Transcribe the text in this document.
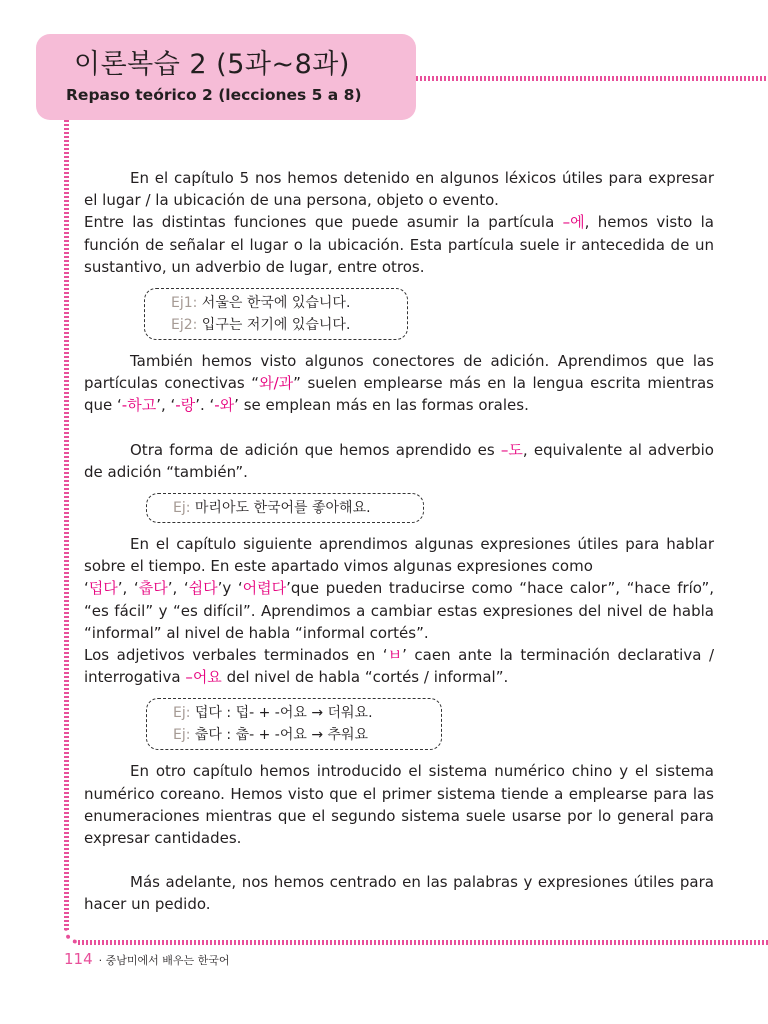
이론복습 2 (5과~8과)
Repaso teórico 2 (lecciones 5 a 8)

En el capítulo 5 nos hemos detenido en algunos léxicos útiles para expresar el lugar / la ubicación de una persona, objeto o evento.

Entre las distintas funciones que puede asumir la partícula –에, hemos visto la función de señalar el lugar o la ubicación. Esta partícula suele ir antecedida de un sustantivo, un adverbio de lugar, entre otros.

Ej1: 서울은 한국에 있습니다.
Ej2: 입구는 저기에 있습니다.

También hemos visto algunos conectores de adición. Aprendimos que las partículas conectivas “와/과” suelen emplearse más en la lengua escrita mientras que ‘-하고’, ‘-랑’. ‘-와’ se emplean más en las formas orales.

Otra forma de adición que hemos aprendido es –도, equivalente al adverbio de adición “también”.

Ej: 마리아도 한국어를 좋아해요.

En el capítulo siguiente aprendimos algunas expresiones útiles para hablar sobre el tiempo. En este apartado vimos algunas expresiones como
‘덥다’, ‘춥다’, ‘쉽다’y ‘어렵다’que pueden traducirse como “hace calor”, “hace frío”, “es fácil” y “es difícil”. Aprendimos a cambiar estas expresiones del nivel de habla “informal” al nivel de habla “informal cortés”.

Los adjetivos verbales terminados en ‘ㅂ’ caen ante la terminación declarativa / interrogativa –어요 del nivel de habla “cortés / informal”.

Ej: 덥다 : 덥- + -어요 → 더워요.
Ej: 춥다 : 춥- + -어요 → 추워요

En otro capítulo hemos introducido el sistema numérico chino y el sistema numérico coreano. Hemos visto que el primer sistema tiende a emplearse para las enumeraciones mientras que el segundo sistema suele usarse por lo general para expresar cantidades.

Más adelante, nos hemos centrado en las palabras y expresiones útiles para hacer un pedido.

114 · 중남미에서 배우는 한국어
